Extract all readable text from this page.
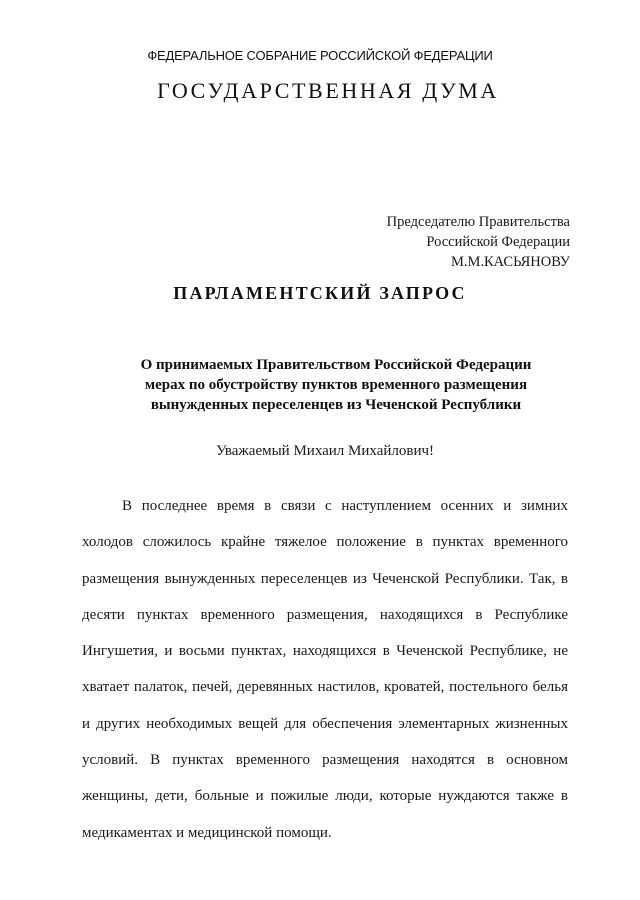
ФЕДЕРАЛЬНОЕ СОБРАНИЕ РОССИЙСКОЙ ФЕДЕРАЦИИ
ГОСУДАРСТВЕННАЯ ДУМА
Председателю Правительства
Российской Федерации
М.М.КАСЬЯНОВУ
ПАРЛАМЕНТСКИЙ ЗАПРОС
О принимаемых Правительством Российской Федерации
мерах по обустройству пунктов временного размещения
вынужденных переселенцев из Чеченской Республики
Уважаемый Михаил Михайлович!
В последнее время в связи с наступлением осенних и зимних
холодов сложилось крайне тяжелое положение в пунктах временного
размещения вынужденных переселенцев из Чеченской Республики. Так, в
десяти пунктах временного размещения, находящихся в Республике
Ингушетия, и восьми пунктах, находящихся в Чеченской Республике, не
хватает палаток, печей, деревянных настилов, кроватей, постельного белья
и других необходимых вещей для обеспечения элементарных жизненных
условий. В пунктах временного размещения находятся в основном
женщины, дети, больные и пожилые люди, которые нуждаются также в
медикаментах и медицинской помощи.
